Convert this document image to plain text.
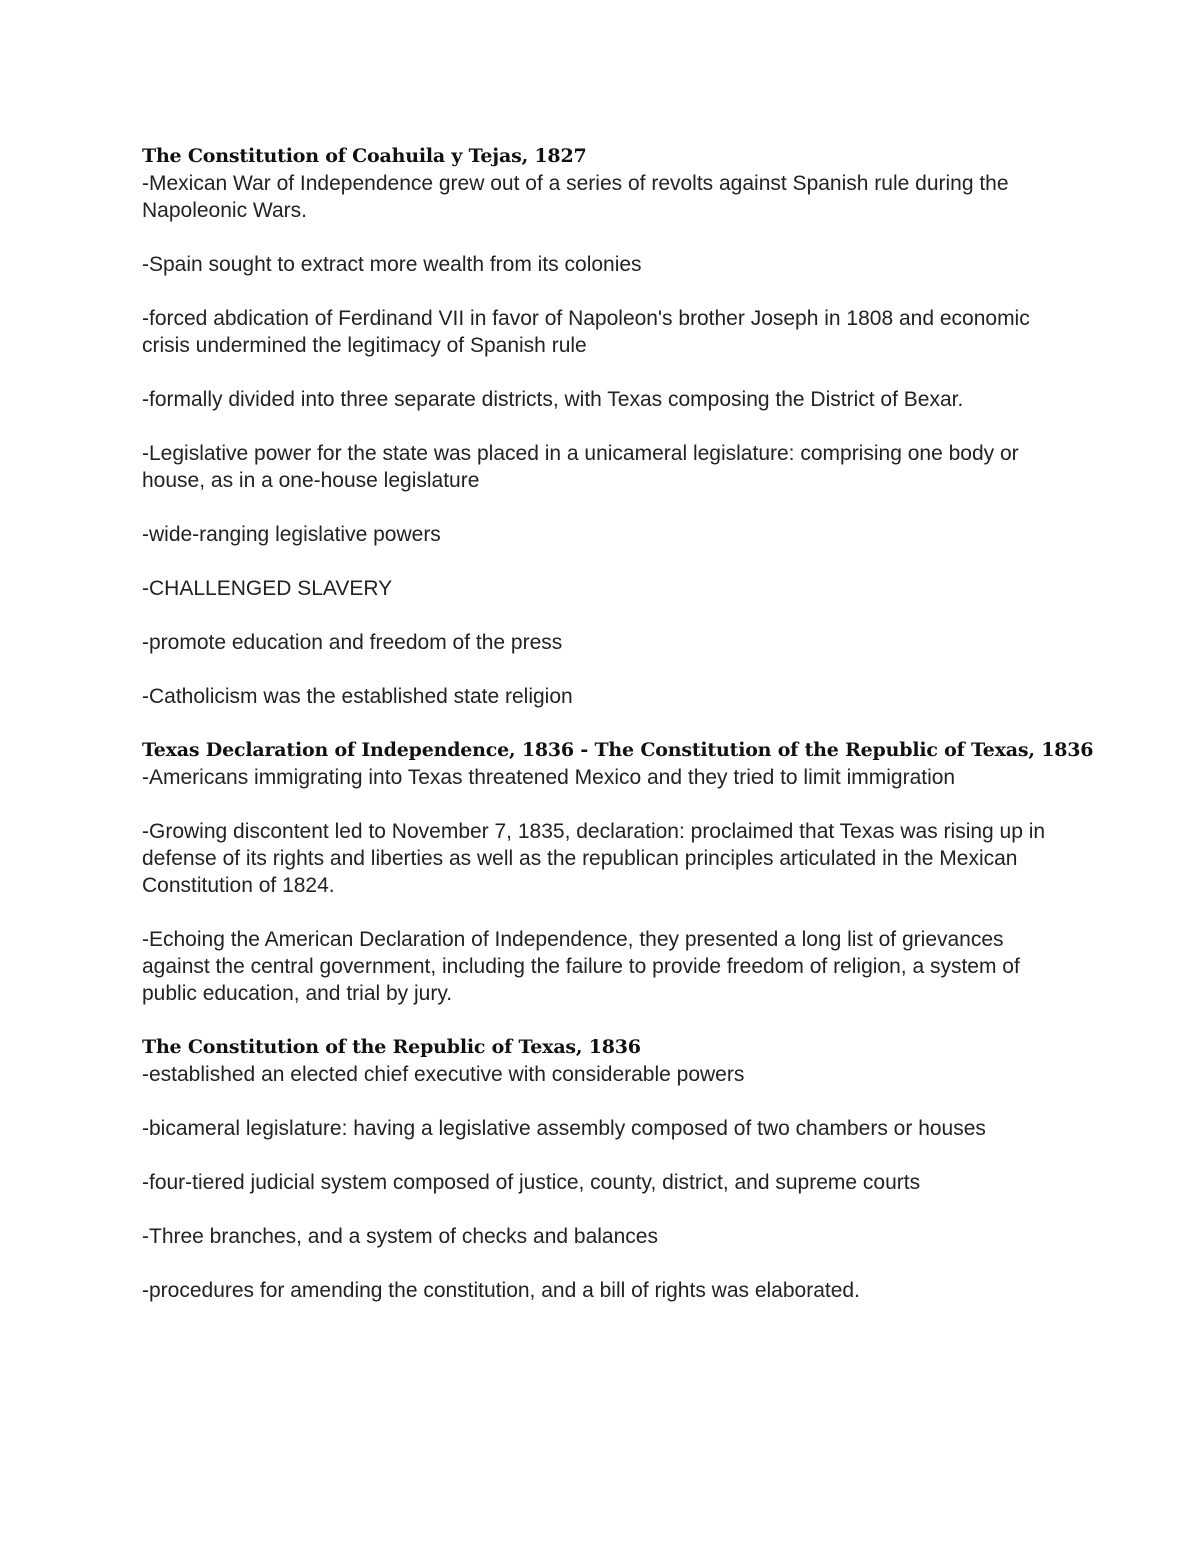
The Constitution of Coahuila y Tejas, 1827

-Mexican War of Independence grew out of a series of revolts against Spanish rule during the Napoleonic Wars.

-Spain sought to extract more wealth from its colonies

-forced abdication of Ferdinand VII in favor of Napoleon's brother Joseph in 1808 and economic crisis undermined the legitimacy of Spanish rule

-formally divided into three separate districts, with Texas composing the District of Bexar.

-Legislative power for the state was placed in a unicameral legislature: comprising one body or house, as in a one-house legislature

-wide-ranging legislative powers

-CHALLENGED SLAVERY

-promote education and freedom of the press

-Catholicism was the established state religion

Texas Declaration of Independence, 1836 - The Constitution of the Republic of Texas, 1836

-Americans immigrating into Texas threatened Mexico and they tried to limit immigration

-Growing discontent led to November 7, 1835, declaration: proclaimed that Texas was rising up in defense of its rights and liberties as well as the republican principles articulated in the Mexican Constitution of 1824.

-Echoing the American Declaration of Independence, they presented a long list of grievances against the central government, including the failure to provide freedom of religion, a system of public education, and trial by jury.

The Constitution of the Republic of Texas, 1836

-established an elected chief executive with considerable powers

-bicameral legislature: having a legislative assembly composed of two chambers or houses

-four-tiered judicial system composed of justice, county, district, and supreme courts

-Three branches, and a system of checks and balances

-procedures for amending the constitution, and a bill of rights was elaborated.
